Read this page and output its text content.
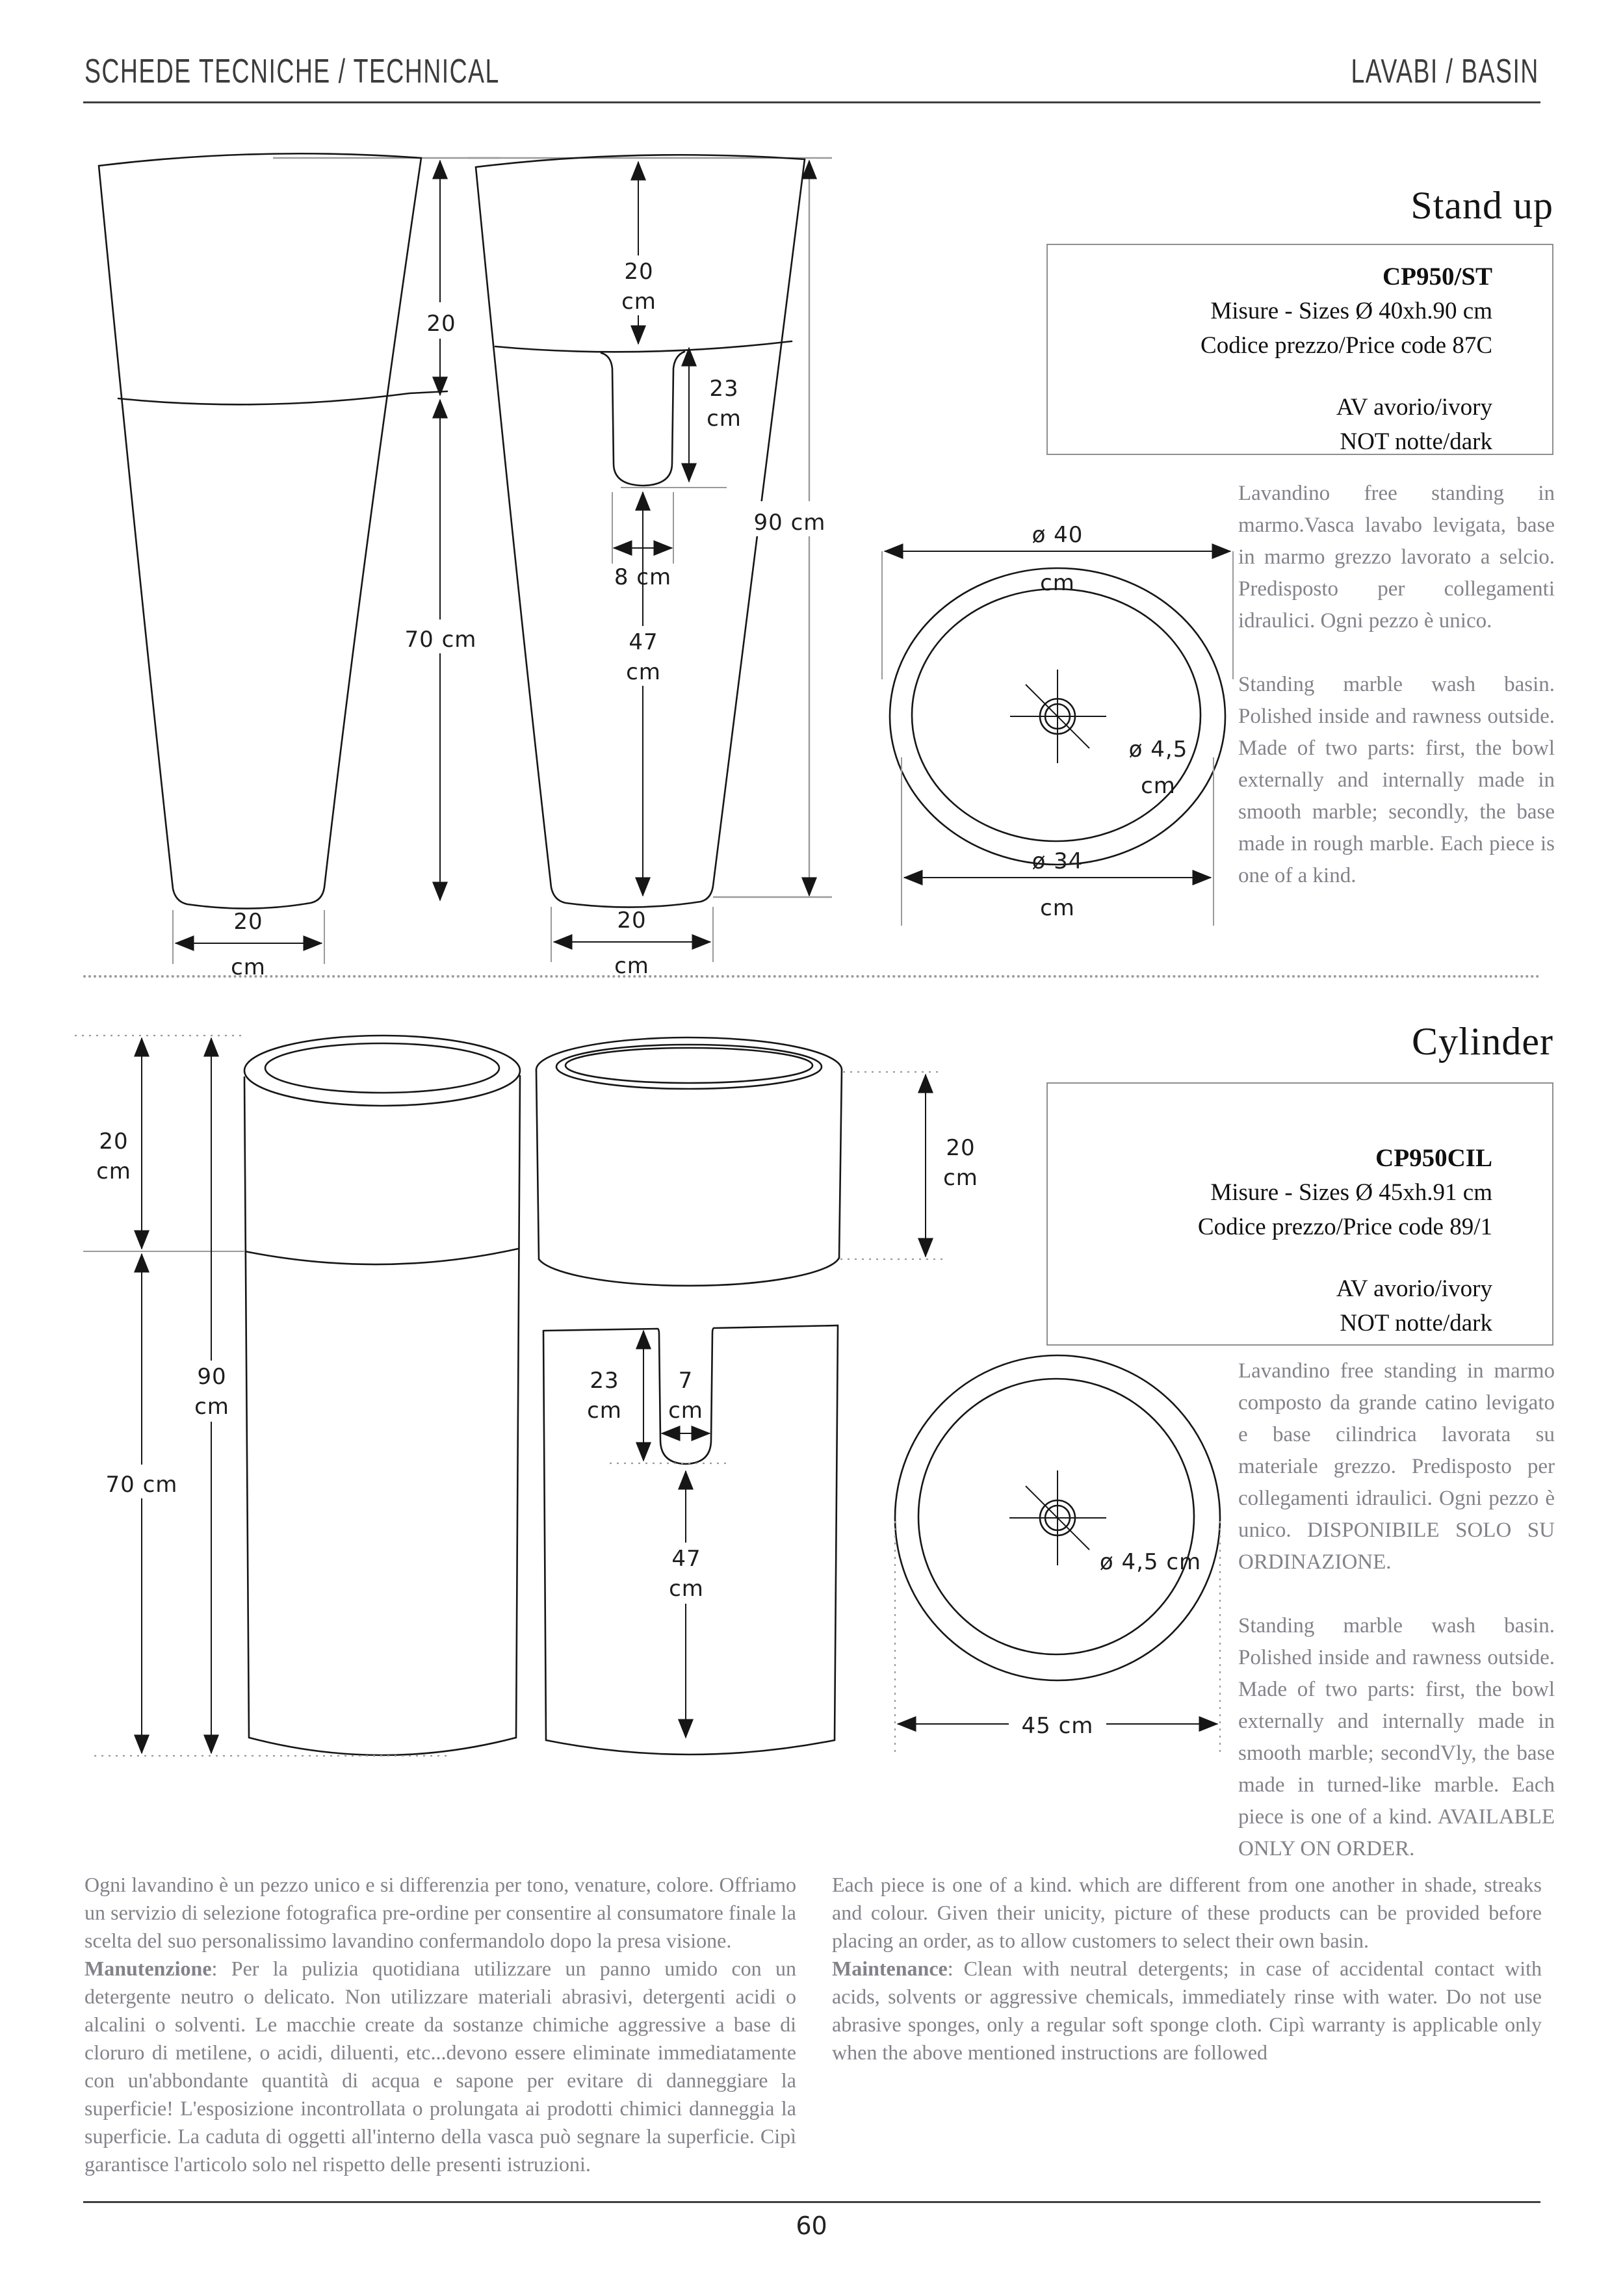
SCHEDE TECNICHE / TECHNICAL	LAVABI / BASIN
20
70 cm
20
cm
20
cm
23
cm
8 cm
47
cm
90 cm
20
cm
ø 40
cm
ø 4,5
cm
ø 34
cm
Stand up
CP950/ST
Misure - Sizes Ø 40xh.90 cm
Codice prezzo/Price code 87C
AV avorio/ivory
NOT notte/dark

Lavandino free standing in marmo.Vasca lavabo levigata, base in marmo grezzo lavorato a selcio. Predisposto per collegamenti idraulici. Ogni pezzo è unico.

Standing marble wash basin. Polished inside and rawness outside. Made of two parts: first, the bowl externally and internally made in smooth marble; secondly, the base made in rough marble. Each piece is one of a kind.

20
cm
70 cm
90
cm
20
cm
23
cm
7
cm
47
cm
ø 4,5 cm
45 cm
Cylinder
CP950CIL
Misure - Sizes Ø 45xh.91 cm
Codice prezzo/Price code 89/1
AV avorio/ivory
NOT notte/dark

Lavandino free standing in marmo composto da grande catino levigato e base cilindrica lavorata su materiale grezzo. Predisposto per collegamenti idraulici. Ogni pezzo è unico. DISPONIBILE SOLO SU ORDINAZIONE.

Standing marble wash basin. Polished inside and rawness outside. Made of two parts: first, the bowl externally and internally made in smooth marble; secondVly, the base made in turned-like marble. Each piece is one of a kind. AVAILABLE ONLY ON ORDER.

Ogni lavandino è un pezzo unico e si differenzia per tono, venature, colore. Offriamo un servizio di selezione fotografica pre-ordine per consentire al consumatore finale la scelta del suo personalissimo lavandino confermandolo dopo la presa visione.

Manutenzione: Per la pulizia quotidiana utilizzare un panno umido con un detergente neutro o delicato. Non utilizzare materiali abrasivi, detergenti acidi o alcalini o solventi. Le macchie create da sostanze chimiche aggressive a base di cloruro di metilene, o acidi, diluenti, etc...devono essere eliminate immediatamente con un'abbondante quantità di acqua e sapone per evitare di danneggiare la superficie! L'esposizione incontrollata o prolungata ai prodotti chimici danneggia la superficie. La caduta di oggetti all'interno della vasca può segnare la superficie. Cipì garantisce l'articolo solo nel rispetto delle presenti istruzioni.

Each piece is one of a kind. which are different from one another in shade, streaks and colour. Given their unicity, picture of these products can be provided before placing an order, as to allow customers to select their own basin.

Maintenance: Clean with neutral detergents; in case of accidental contact with acids, solvents or aggressive chemicals, immediately rinse with water. Do not use abrasive sponges, only a regular soft sponge cloth. Cipì warranty is applicable only when the above mentioned instructions are followed

60
